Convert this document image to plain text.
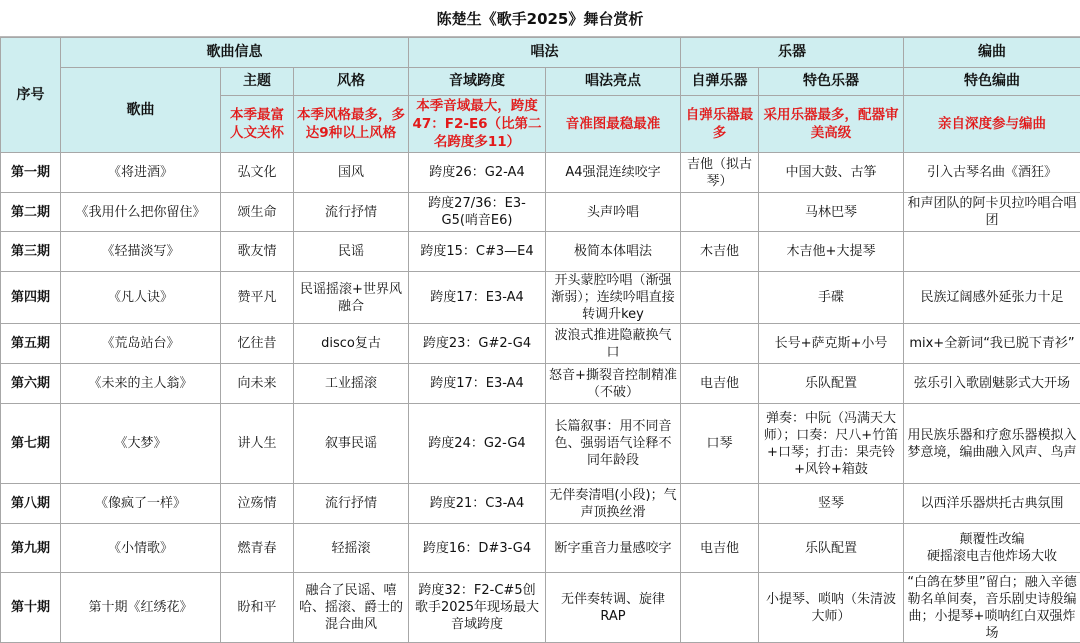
陈楚生《歌手2025》舞台赏析
序号	歌曲信息			唱法		乐器		编曲
	歌曲	主题	风格	音域跨度	唱法亮点	自弹乐器	特色乐器	特色编曲
		本季最富人文关怀	本季风格最多，多达9种以上风格	本季音域最大，跨度47：F2-E6（比第二名跨度多11）	音准图最稳最准	自弹乐器最多	采用乐器最多，配器审美高级	亲自深度参与编曲
第一期	《将进酒》	弘文化	国风	跨度26：G2-A4	A4强混连续咬字	吉他（拟古琴）	中国大鼓、古筝	引入古琴名曲《酒狂》
第二期	《我用什么把你留住》	颂生命	流行抒情	跨度27/36：E3-G5(哨音E6)	头声吟唱		马林巴琴	和声团队的阿卡贝拉吟唱合唱团
第三期	《轻描淡写》	歌友情	民谣	跨度15：C#3—E4	极简本体唱法	木吉他	木吉他+大提琴	
第四期	《凡人诀》	赞平凡	民谣摇滚+世界风融合	跨度17：E3-A4	开头蒙腔吟唱（渐强渐弱）；连续吟唱直接转调升key		手碟	民族辽阔感外延张力十足
第五期	《荒岛站台》	忆往昔	disco复古	跨度23：G#2-G4	波浪式推进隐蔽换气口		长号+萨克斯+小号	mix+全新词“我已脱下青衫”
第六期	《未来的主人翁》	向未来	工业摇滚	跨度17：E3-A4	怒音+撕裂音控制精准（不破）	电吉他	乐队配置	弦乐引入歌剧魅影式大开场
第七期	《大梦》	讲人生	叙事民谣	跨度24：G2-G4	长篇叙事：用不同音色、强弱语气诠释不同年龄段	口琴	弹奏：中阮（冯满天大师）；口奏：尺八+竹笛+口琴；打击：果壳铃+风铃+箱鼓	用民族乐器和疗愈乐器模拟入梦意境，编曲融入风声、鸟声
第八期	《像疯了一样》	泣殇情	流行抒情	跨度21：C3-A4	无伴奏清唱(小段)；气声顶换丝滑		竖琴	以西洋乐器烘托古典氛围
第九期	《小情歌》	燃青春	轻摇滚	跨度16：D#3-G4	断字重音力量感咬字	电吉他	乐队配置	颠覆性改编
硬摇滚电吉他炸场大收
第十期	第十期《红绣花》	盼和平	融合了民谣、嘻哈、摇滚、爵士的混合曲风	跨度32：F2-C#5创歌手2025年现场最大音域跨度	无伴奏转调、旋律RAP		小提琴、唢呐（朱清波大师）	“白鸽在梦里”留白；融入辛德勒名单间奏，音乐剧史诗般编曲；小提琴+唢呐红白双强炸场
